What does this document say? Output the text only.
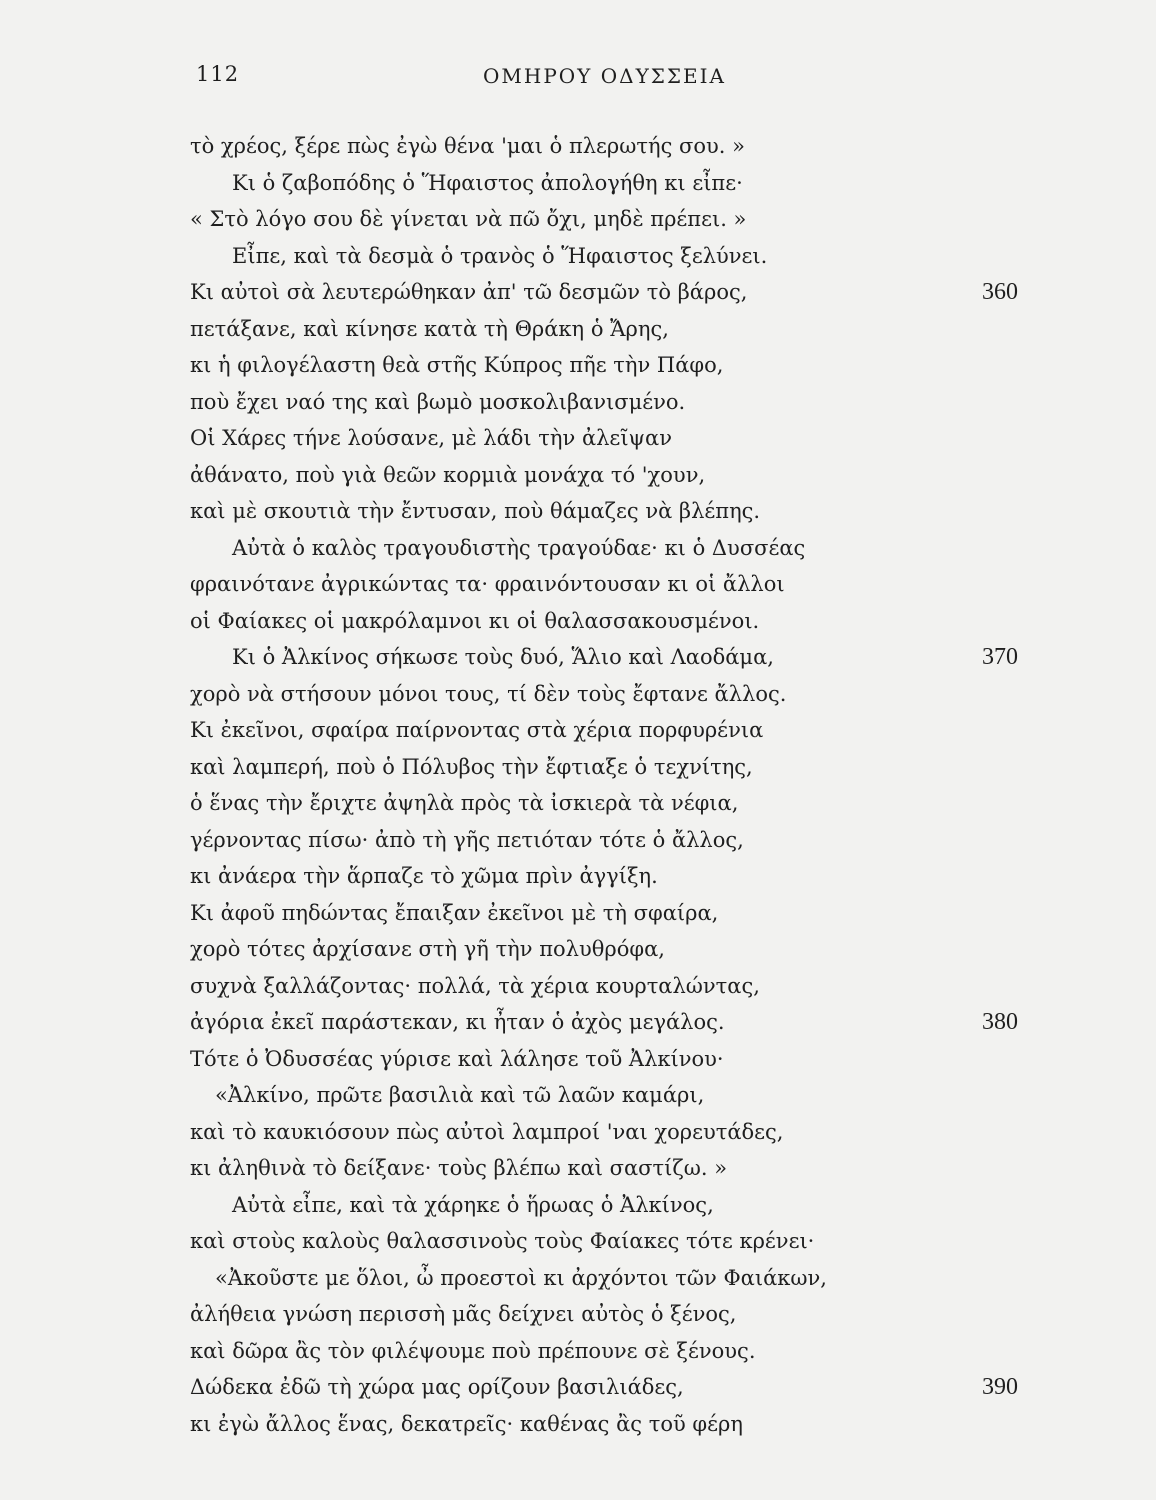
112	ΟΜΗΡΟΥ ΟΔΥΣΣΕΙΑ
τὸ χρέος, ξέρε πὼς ἐγὼ θένα 'μαι ὁ πλερωτής σου. »
Κι ὁ ζαβοπόδης ὁ Ἥφαιστος ἀπολογήθη κι εἶπε·
« Στὸ λόγο σου δὲ γίνεται νὰ πῶ ὄχι, μηδὲ πρέπει. »
Εἶπε, καὶ τὰ δεσμὰ ὁ τρανὸς ὁ Ἥφαιστος ξελύνει.
Κι αὐτοὶ σὰ λευτερώθηκαν ἀπ' τῶ δεσμῶν τὸ βάρος,	360
πετάξανε, καὶ κίνησε κατὰ τὴ Θράκη ὁ Ἄρης,
κι ἡ φιλογέλαστη θεὰ στῆς Κύπρος πῆε τὴν Πάφο,
ποὺ ἔχει ναό της καὶ βωμὸ μοσκολιβανισμένο.
Οἱ Χάρες τήνε λούσανε, μὲ λάδι τὴν ἀλεῖψαν
ἀθάνατο, ποὺ γιὰ θεῶν κορμιὰ μονάχα τό 'χουν,
καὶ μὲ σκουτιὰ τὴν ἔντυσαν, ποὺ θάμαζες νὰ βλέπης.
Αὐτὰ ὁ καλὸς τραγουδιστὴς τραγούδαε· κι ὁ Δυσσέας
φραινότανε ἀγρικώντας τα· φραινόντουσαν κι οἱ ἄλλοι
οἱ Φαίακες οἱ μακρόλαμνοι κι οἱ θαλασσακουσμένοι.
Κι ὁ Ἀλκίνος σήκωσε τοὺς δυό, Ἅλιο καὶ Λαοδάμα,	370
χορὸ νὰ στήσουν μόνοι τους, τί δὲν τοὺς ἔφτανε ἄλλος.
Κι ἐκεῖνοι, σφαίρα παίρνοντας στὰ χέρια πορφυρένια
καὶ λαμπερή, ποὺ ὁ Πόλυβος τὴν ἔφτιαξε ὁ τεχνίτης,
ὁ ἕνας τὴν ἔριχτε ἀψηλὰ πρὸς τὰ ἰσκιερὰ τὰ νέφια,
γέρνοντας πίσω· ἀπὸ τὴ γῆς πετιόταν τότε ὁ ἄλλος,
κι ἀνάερα τὴν ἅρπαζε τὸ χῶμα πρὶν ἀγγίξη.
Κι ἀφοῦ πηδώντας ἔπαιξαν ἐκεῖνοι μὲ τὴ σφαίρα,
χορὸ τότες ἀρχίσανε στὴ γῆ τὴν πολυθρόφα,
συχνὰ ξαλλάζοντας· πολλά, τὰ χέρια κουρταλώντας,
ἀγόρια ἐκεῖ παράστεκαν, κι ἦταν ὁ ἀχὸς μεγάλος.	380
Τότε ὁ Ὀδυσσέας γύρισε καὶ λάλησε τοῦ Ἀλκίνου·
«Ἀλκίνο, πρῶτε βασιλιὰ καὶ τῶ λαῶν καμάρι,
καὶ τὸ καυκιόσουν πὼς αὐτοὶ λαμπροί 'ναι χορευτάδες,
κι ἀληθινὰ τὸ δείξανε· τοὺς βλέπω καὶ σαστίζω. »
Αὐτὰ εἶπε, καὶ τὰ χάρηκε ὁ ἥρωας ὁ Ἀλκίνος,
καὶ στοὺς καλοὺς θαλασσινοὺς τοὺς Φαίακες τότε κρένει·
«Ἀκοῦστε με ὅλοι, ὦ προεστοὶ κι ἀρχόντοι τῶν Φαιάκων,
ἀλήθεια γνώση περισσὴ μᾶς δείχνει αὐτὸς ὁ ξένος,
καὶ δῶρα ἂς τὸν φιλέψουμε ποὺ πρέπουνε σὲ ξένους.
Δώδεκα ἐδῶ τὴ χώρα μας ορίζουν βασιλιάδες,	390
κι ἐγὼ ἄλλος ἕνας, δεκατρεῖς· καθένας ἂς τοῦ φέρη
